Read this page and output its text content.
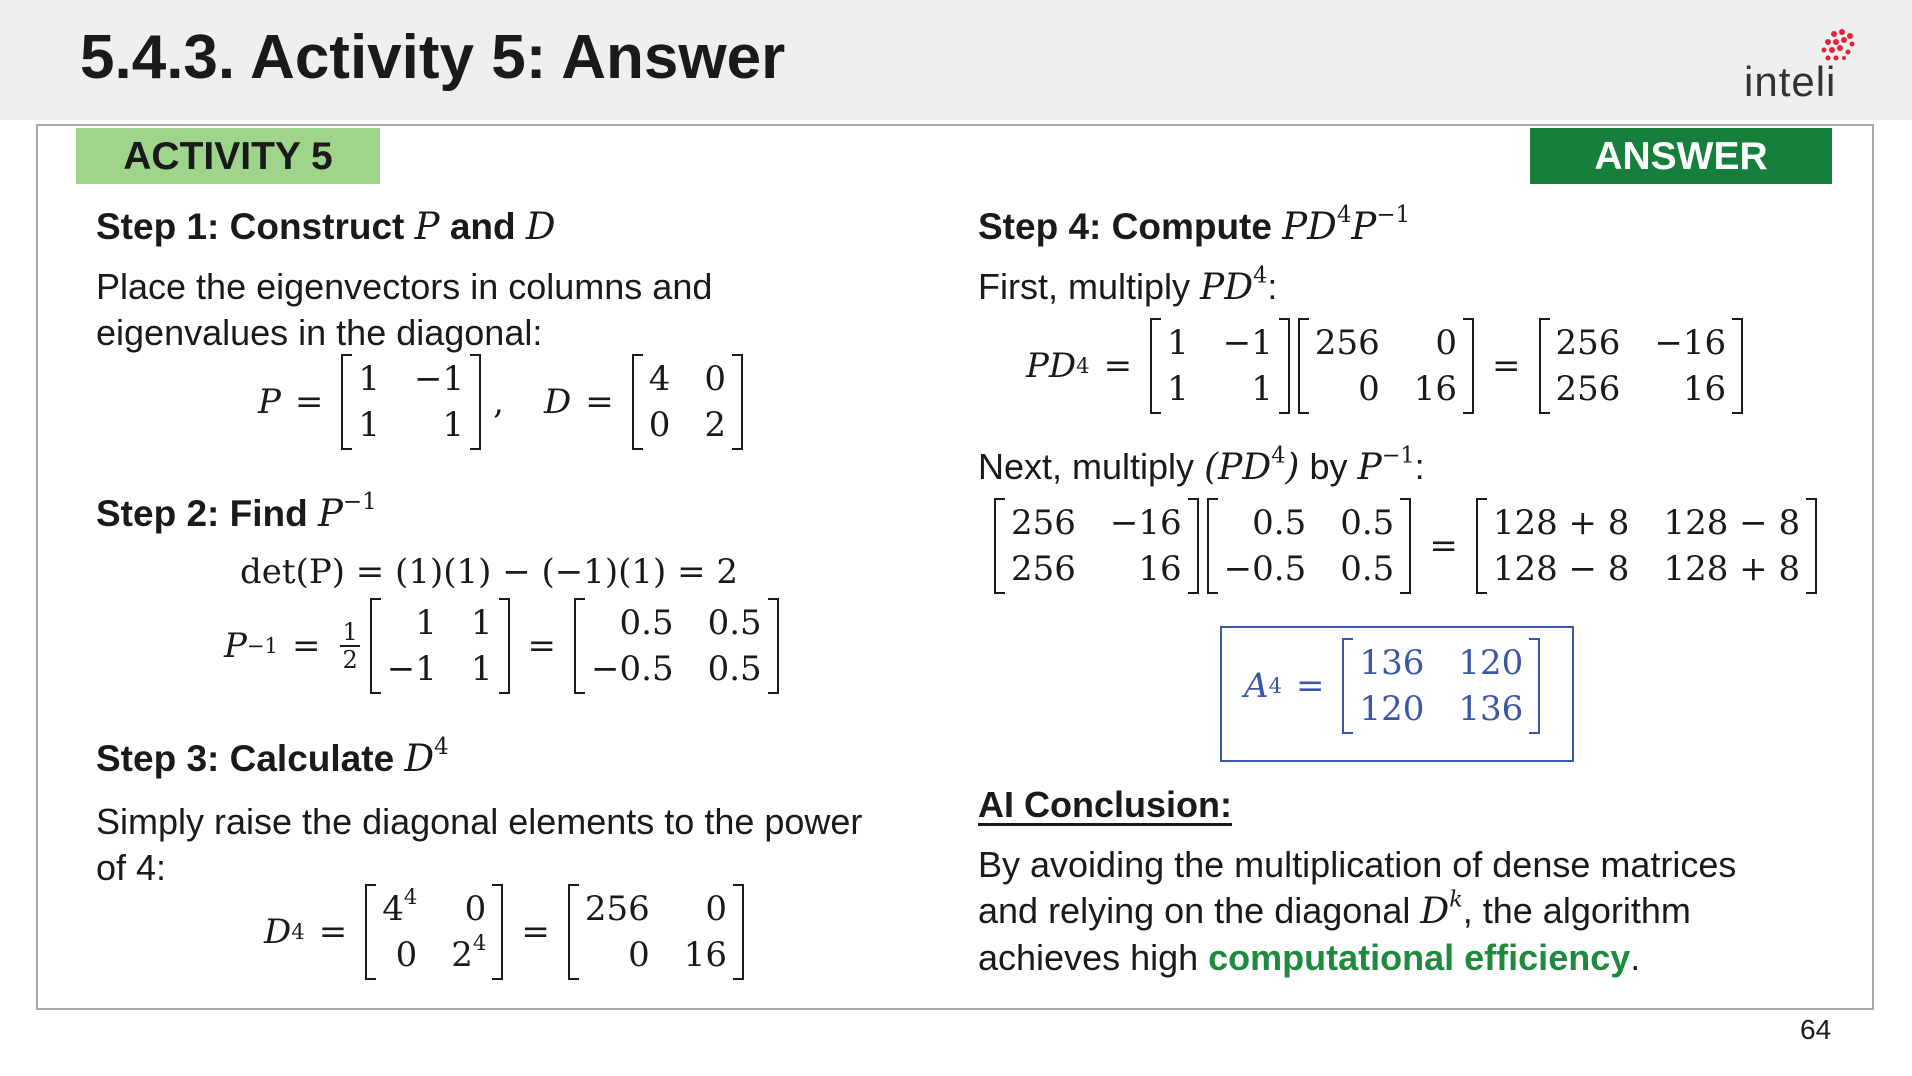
5.4.3. Activity 5: Answer	inteli
ACTIVITY 5	ANSWER
Step 1: Construct P and D
Place the eigenvectors in columns and
eigenvalues in the diagonal:
P =
1 −1
1	1
, D =
4 0
0 2
Step 2: Find $P^{-1}$
det(P) = (1)(1) − (−1)(1) = 2
$P -1 = \frac{1}{2}$	1 1
−1 1
=
0.5 0.5
−0.5 0.5
Step 3: Calculate $D^4$
Simply raise the diagonal elements to the power
of 4:
D 4 =
$4^4$	0
0 $2^4$ =
256	0
0 16
Step 4: Compute $PD^4P^{-1}$
First, multiply $PD^4$:
PD 4 =
1 −1
1	1
256	0
0 16
=
256 −16
256	16
Next, multiply $(PD^4)$ by $P^{-1}$:
256 −16
256	16
0.5 0.5
−0.5 0.5
=
128 + 8 128 − 8
128 − 8 128 + 8
A 4 =
136 120
120 136
AI Conclusion:
By avoiding the multiplication of dense matrices
and relying on the diagonal $D^k$, the algorithm
achieves high computational efficiency.
64
